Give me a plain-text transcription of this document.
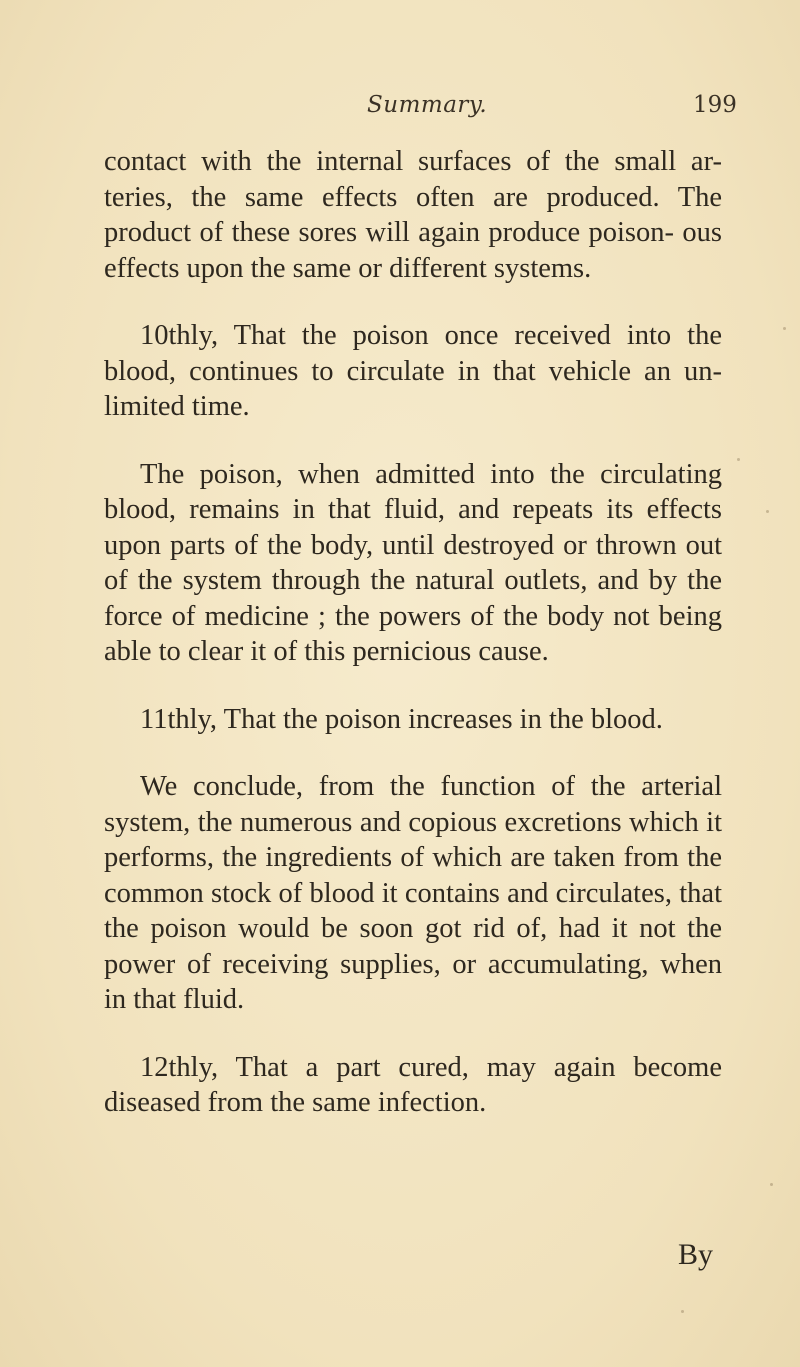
Summary.	199

contact with the internal surfaces of the small ar- teries, the same effects often are produced. The product of these sores will again produce poison- ous effects upon the same or different systems.

10thly, That the poison once received into the blood, continues to circulate in that vehicle an un- limited time.

The poison, when admitted into the circulating blood, remains in that fluid, and repeats its effects upon parts of the body, until destroyed or thrown out of the system through the natural outlets, and by the force of medicine ; the powers of the body not being able to clear it of this pernicious cause.

11thly, That the poison increases in the blood.

We conclude, from the function of the arterial system, the numerous and copious excretions which it performs, the ingredients of which are taken from the common stock of blood it contains and circulates, that the poison would be soon got rid of, had it not the power of receiving supplies, or accumulating, when in that fluid.

12thly, That a part cured, may again become diseased from the same infection.

By
